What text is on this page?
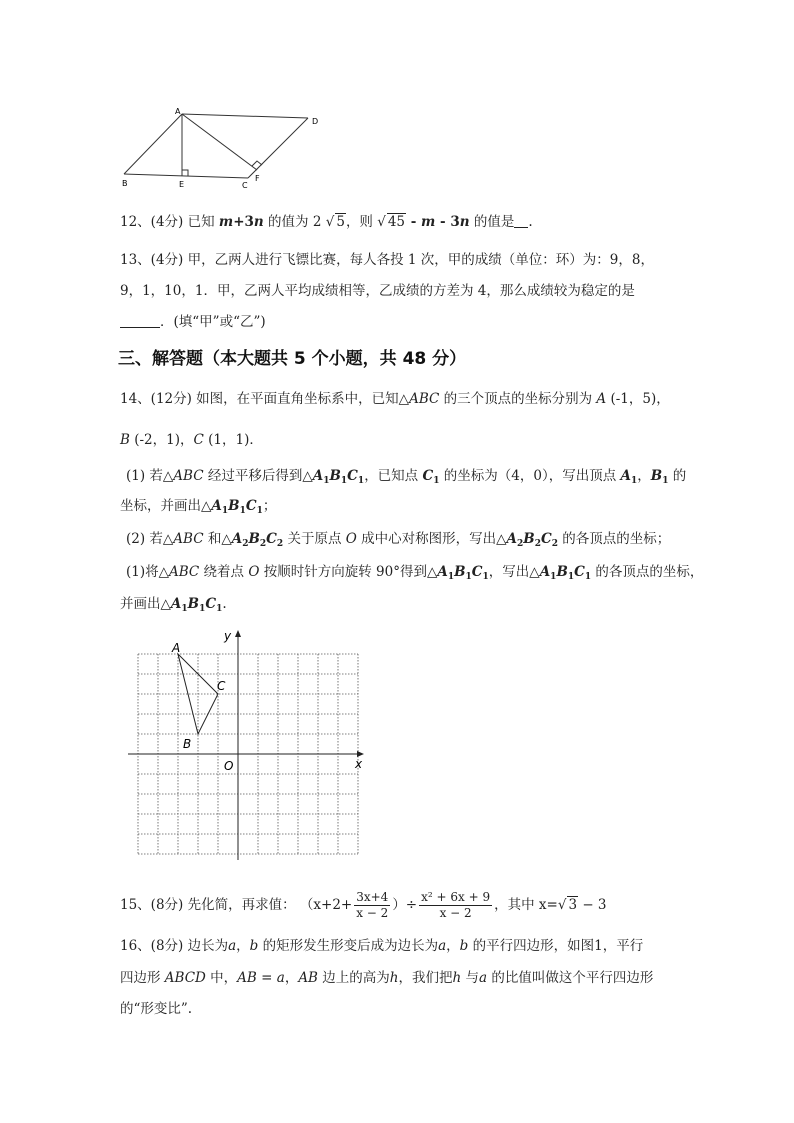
A
D
B	E	C
F
12、(4分) 已知 m+3n 的值为 2 √ 5，则 √ 45 - m - 3n 的值是 .
13、(4分) 甲，乙两人进行飞镖比赛，每人各投 1 次，甲的成绩（单位：环）为：9，8，
9，1，10，1．甲，乙两人平均成绩相等，乙成绩的方差为 4，那么成绩较为稳定的是
．(填“甲”或“乙”)
三、解答题（本大题共 5 个小题，共 48 分）
14、(12分) 如图，在平面直角坐标系中，已知△ABC 的三个顶点的坐标分别为 A (-1，5)，
B (-2，1)，C (1，1)．
(1) 若△ABC 经过平移后得到$\triangle A_1B_1C_1$，已知点 $C_1$ 的坐标为（4，0），写出顶点 $A_1$，$B_1$ 的
坐标，并画出$\triangle A_1B_1C_1$；
(2) 若△ABC 和$\triangle A_2B_2C_2$ 关于原点 O 成中心对称图形，写出$\triangle A_2B_2C_2$ 的各顶点的坐标；
(1)将△ABC 绕着点 O 按顺时针方向旋转 90°得到$\triangle A_1B_1C_1$，写出$\triangle A_1B_1C_1$ 的各顶点的坐标，
并画出$\triangle A_1B_1C_1$.
y
x
O
A
B
C
15、(8分) 先化简，再求值： （$x+2+ \frac{3x+4}{x - 2}$ ）÷ $\frac{\text{x² + 6x + 9}}{x - 2}$ ，其中 x=√ 3 − 3
16、(8分) 边长为a，b 的矩形发生形变后成为边长为a，b 的平行四边形，如图1，平行
四边形 ABCD 中，AB = a，AB 边上的高为h，我们把h 与a 的比值叫做这个平行四边形
的“形变比”.
